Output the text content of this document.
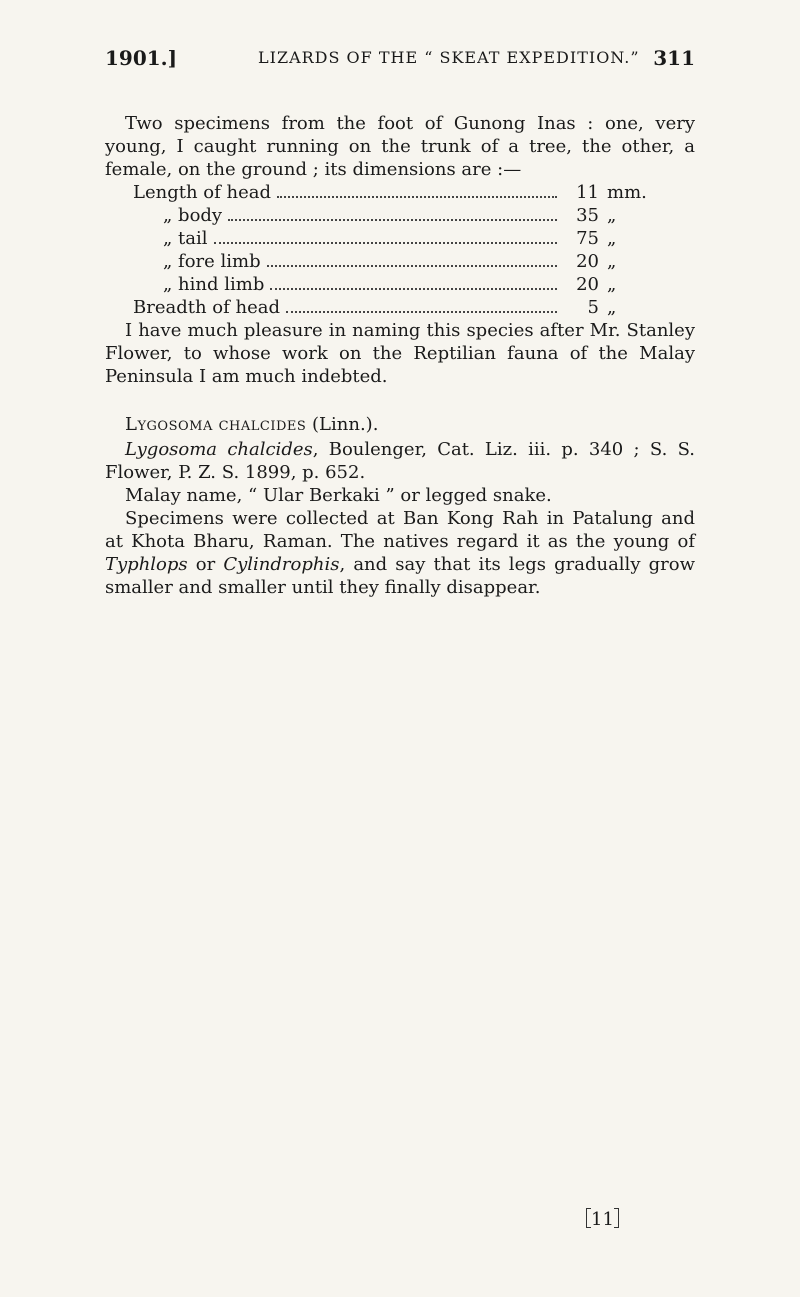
1901.]	LIZARDS OF THE “ SKEAT EXPEDITION.” 311

Two specimens from the foot of Gunong Inas : one, very young, I caught running on the trunk of a tree, the other, a female, on the ground ; its dimensions are :—

Length of head	11 mm.
„ body	35 „
„ tail	75 „
„ fore limb	20 „
„ hind limb	20 „
Breadth of head	5 „

I have much pleasure in naming this species after Mr. Stanley Flower, to whose work on the Reptilian fauna of the Malay Peninsula I am much indebted.

Lygosoma chalcides (Linn.).

Lygosoma chalcides, Boulenger, Cat. Liz. iii. p. 340 ; S. S. Flower, P. Z. S. 1899, p. 652.

Malay name, “ Ular Berkaki ” or legged snake.

Specimens were collected at Ban Kong Rah in Patalung and at Khota Bharu, Raman. The natives regard it as the young of Typhlops or Cylindrophis, and say that its legs gradually grow smaller and smaller until they finally disappear.

11
